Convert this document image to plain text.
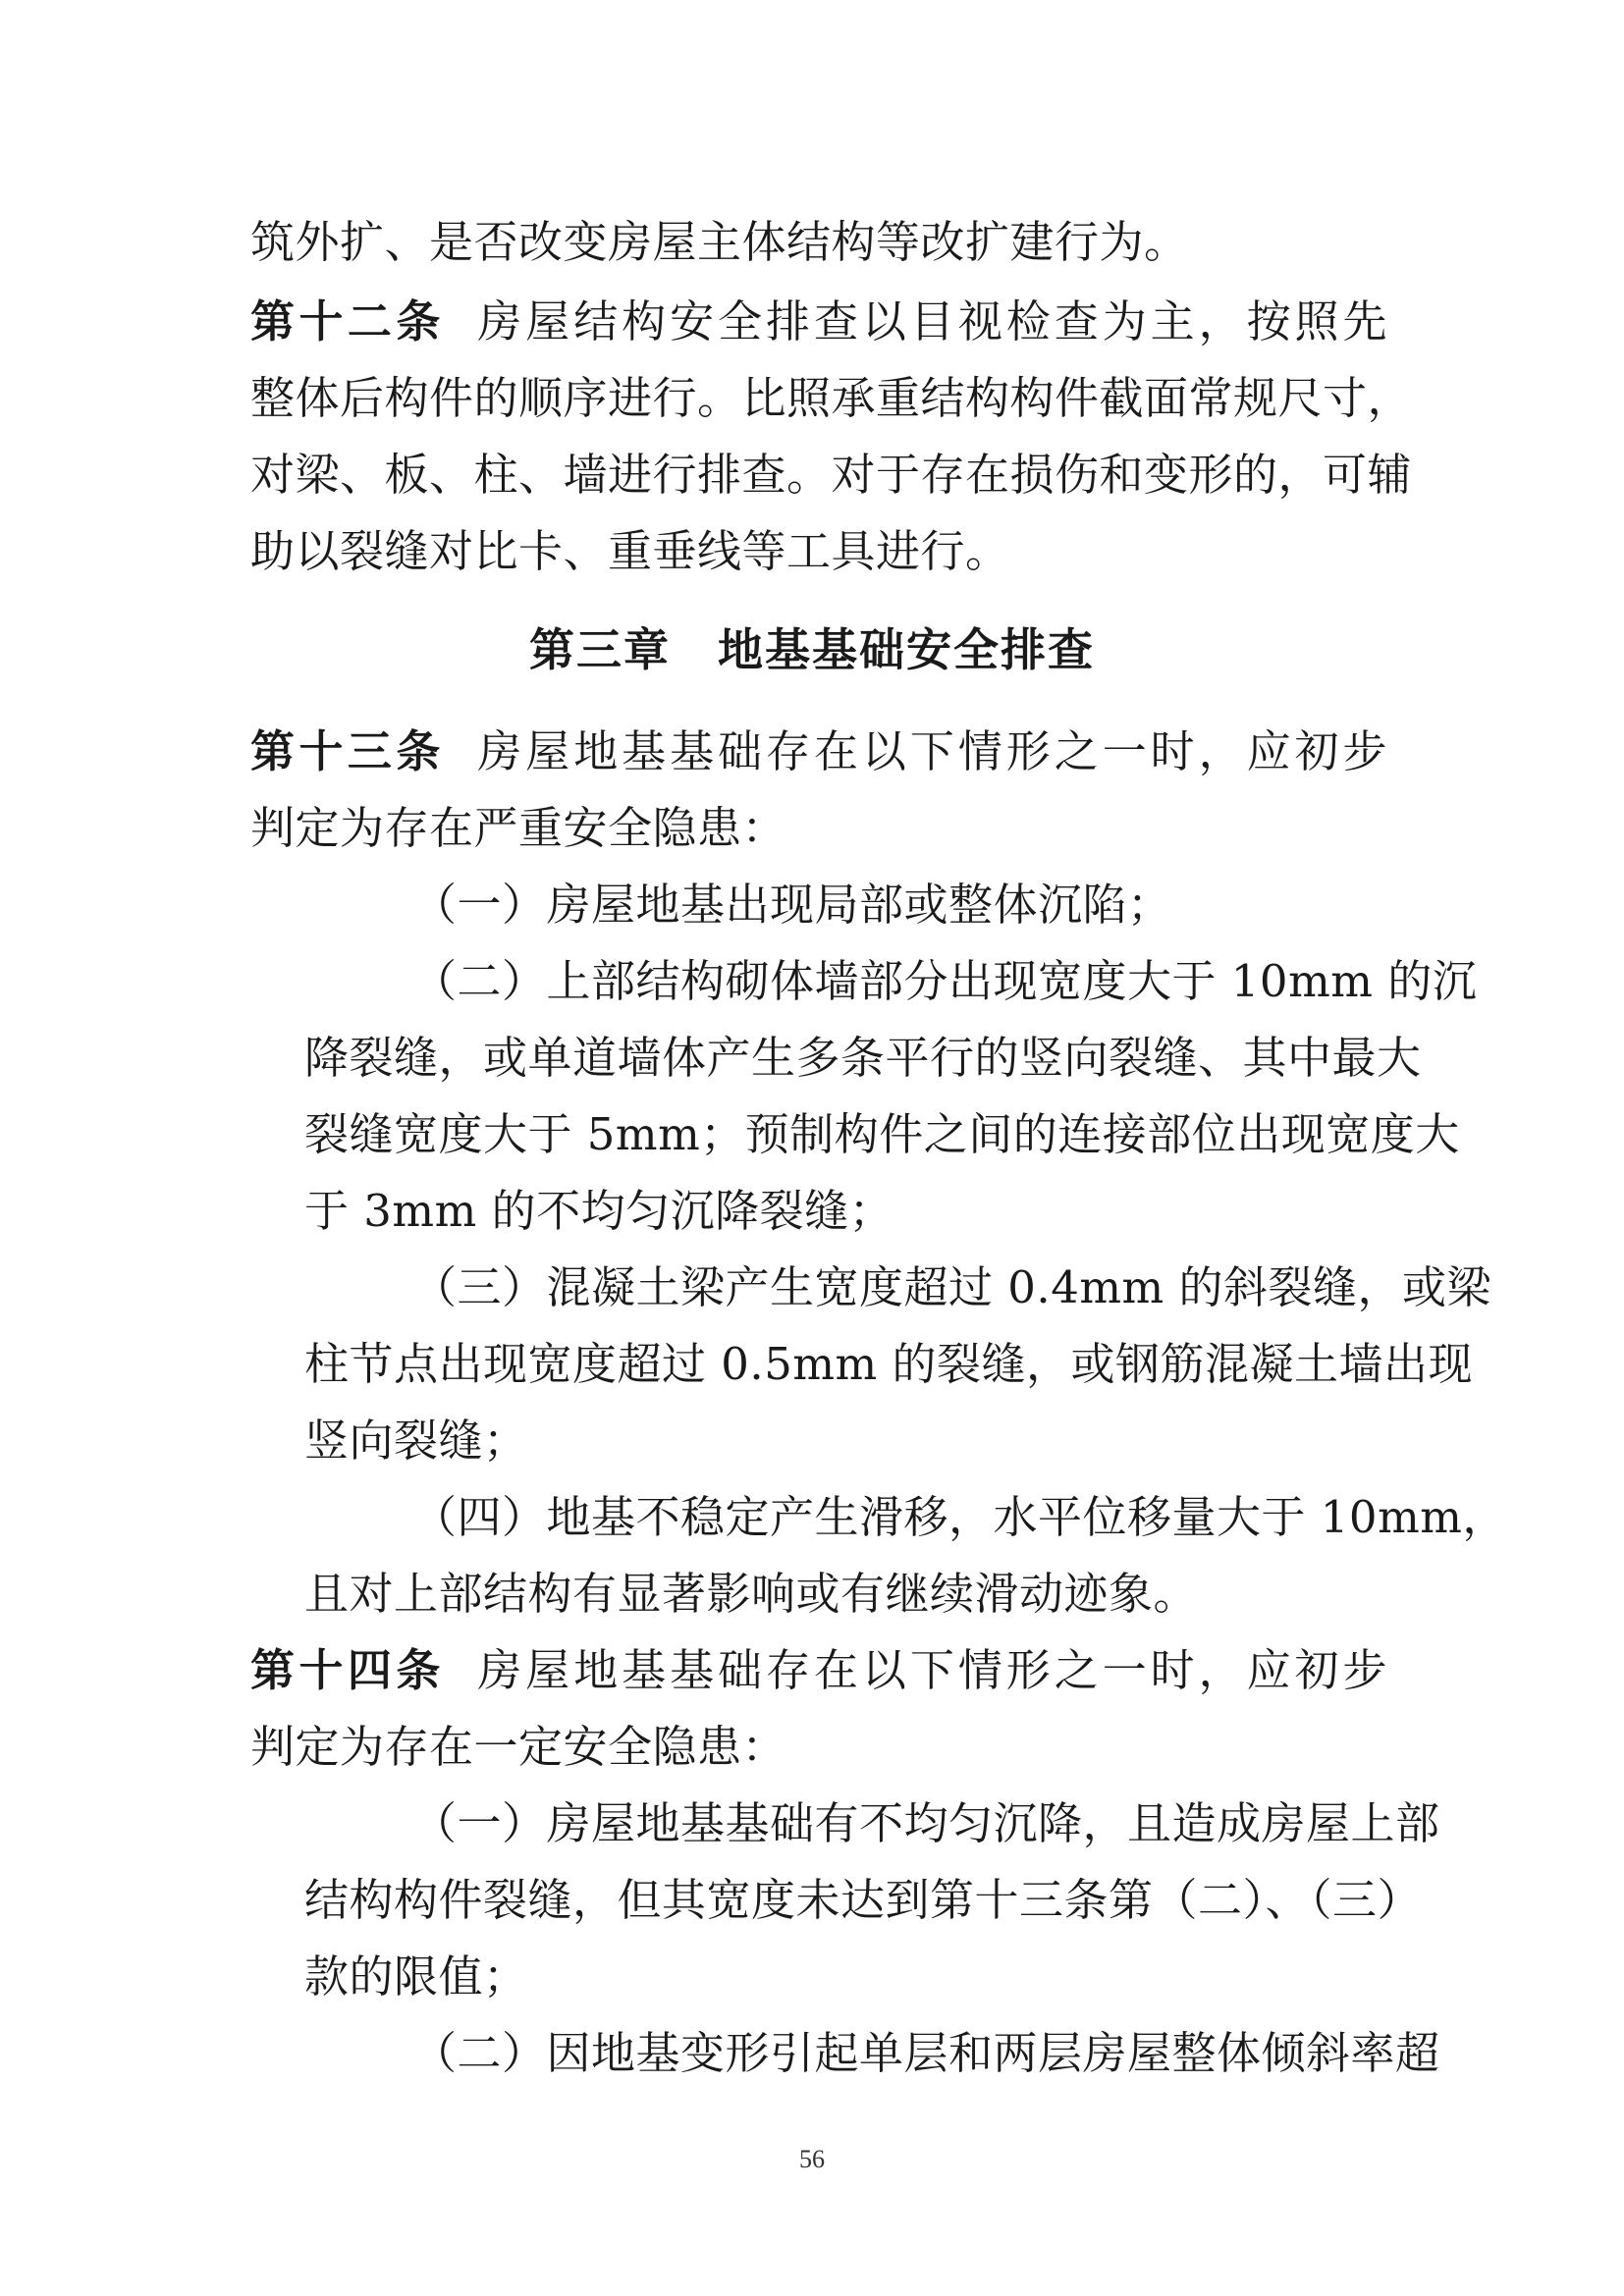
筑外扩、是否改变房屋主体结构等改扩建行为。
第十二条 房屋结构安全排查以目视检查为主，按照先
整体后构件的顺序进行。比照承重结构构件截面常规尺寸，
对梁、板、柱、墙进行排查。对于存在损伤和变形的，可辅
助以裂缝对比卡、重垂线等工具进行。
第三章 地基基础安全排查
第十三条 房屋地基基础存在以下情形之一时，应初步
判定为存在严重安全隐患：
（一）房屋地基出现局部或整体沉陷；
（二）上部结构砌体墙部分出现宽度大于 10mm 的沉
降裂缝，或单道墙体产生多条平行的竖向裂缝、其中最大
裂缝宽度大于 5mm；预制构件之间的连接部位出现宽度大
于 3mm 的不均匀沉降裂缝；
（三）混凝土梁产生宽度超过 0.4mm 的斜裂缝，或梁
柱节点出现宽度超过 0.5mm 的裂缝，或钢筋混凝土墙出现
竖向裂缝；
（四）地基不稳定产生滑移，水平位移量大于 10mm，
且对上部结构有显著影响或有继续滑动迹象。
第十四条 房屋地基基础存在以下情形之一时，应初步
判定为存在一定安全隐患：
（一）房屋地基基础有不均匀沉降，且造成房屋上部
结构构件裂缝，但其宽度未达到第十三条第（二）、（三）
款的限值；
（二）因地基变形引起单层和两层房屋整体倾斜率超
56
